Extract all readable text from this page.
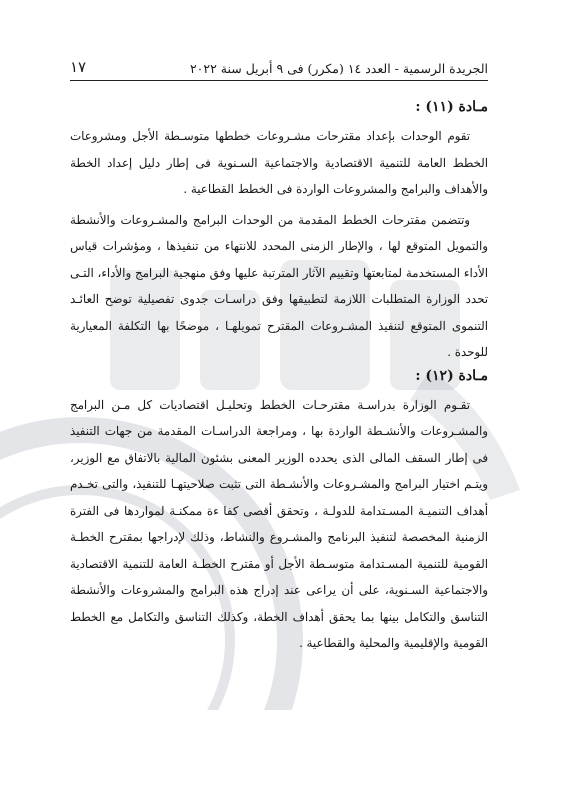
الجريدة الرسمية - العدد ١٤ (مكرر) فى ٩ أبريل سنة ٢٠٢٢
١٧
مـادة (١١) :

تقوم الوحدات بإعداد مقترحات مشـروعات خططها متوسـطة الأجل ومشروعات الخطط العامة للتنمية الاقتصادية والاجتماعية السـنوية فى إطار دليل إعداد الخطة والأهداف والبرامج والمشروعات الواردة فى الخطط القطاعية .

وتتضمن مقترحات الخطط المقدمة من الوحدات البرامج والمشـروعات والأنشطة والتمويل المتوقع لها ، والإطار الزمنى المحدد للانتهاء من تنفيذها ، ومؤشرات قياس الأداء المستخدمة لمتابعتها وتقييم الآثار المترتبة عليها وفق منهجية البرامج والأداء، التـى تحدد الوزارة المتطلبات اللازمة لتطبيقها وفق دراسـات جدوى تفصيلية توضح العائـد التنموى المتوقع لتنفيذ المشـروعات المقترح تمويلهـا ، موضحًا بها التكلفة المعيارية للوحدة .

مـادة (١٢) :

تقـوم الوزارة بدراسـة مقترحـات الخطط وتحليـل اقتصاديات كل مـن البرامج والمشـروعات والأنشـطة الواردة بها ، ومراجعة الدراسـات المقدمة من جهات التنفيذ فى إطار السقف المالى الذى يحدده الوزير المعنى بشئون المالية بالاتفاق مع الوزير، ويتـم اختيار البرامج والمشـروعات والأنشـطة التى تثبت صلاحيتهـا للتنفيذ، والتى تخـدم أهداف التنميـة المسـتدامة للدولـة ، وتحقق أقصى كفا ءة ممكنـة لمواردها فى الفترة الزمنية المخصصة لتنفيذ البرنامج والمشـروع والنشاط، وذلك لإدراجها بمقترح الخطـة القومية للتنمية المسـتدامة متوسـطة الأجل أو مقترح الخطـة العامة للتنمية الاقتصادية والاجتماعية السـنوية، على أن يراعى عند إدراج هذه البرامج والمشروعات والأنشطة التناسق والتكامل بينها بما يحقق أهداف الخطة، وكذلك التناسق والتكامل مع الخطط القومية والإقليمية والمحلية والقطاعية .
